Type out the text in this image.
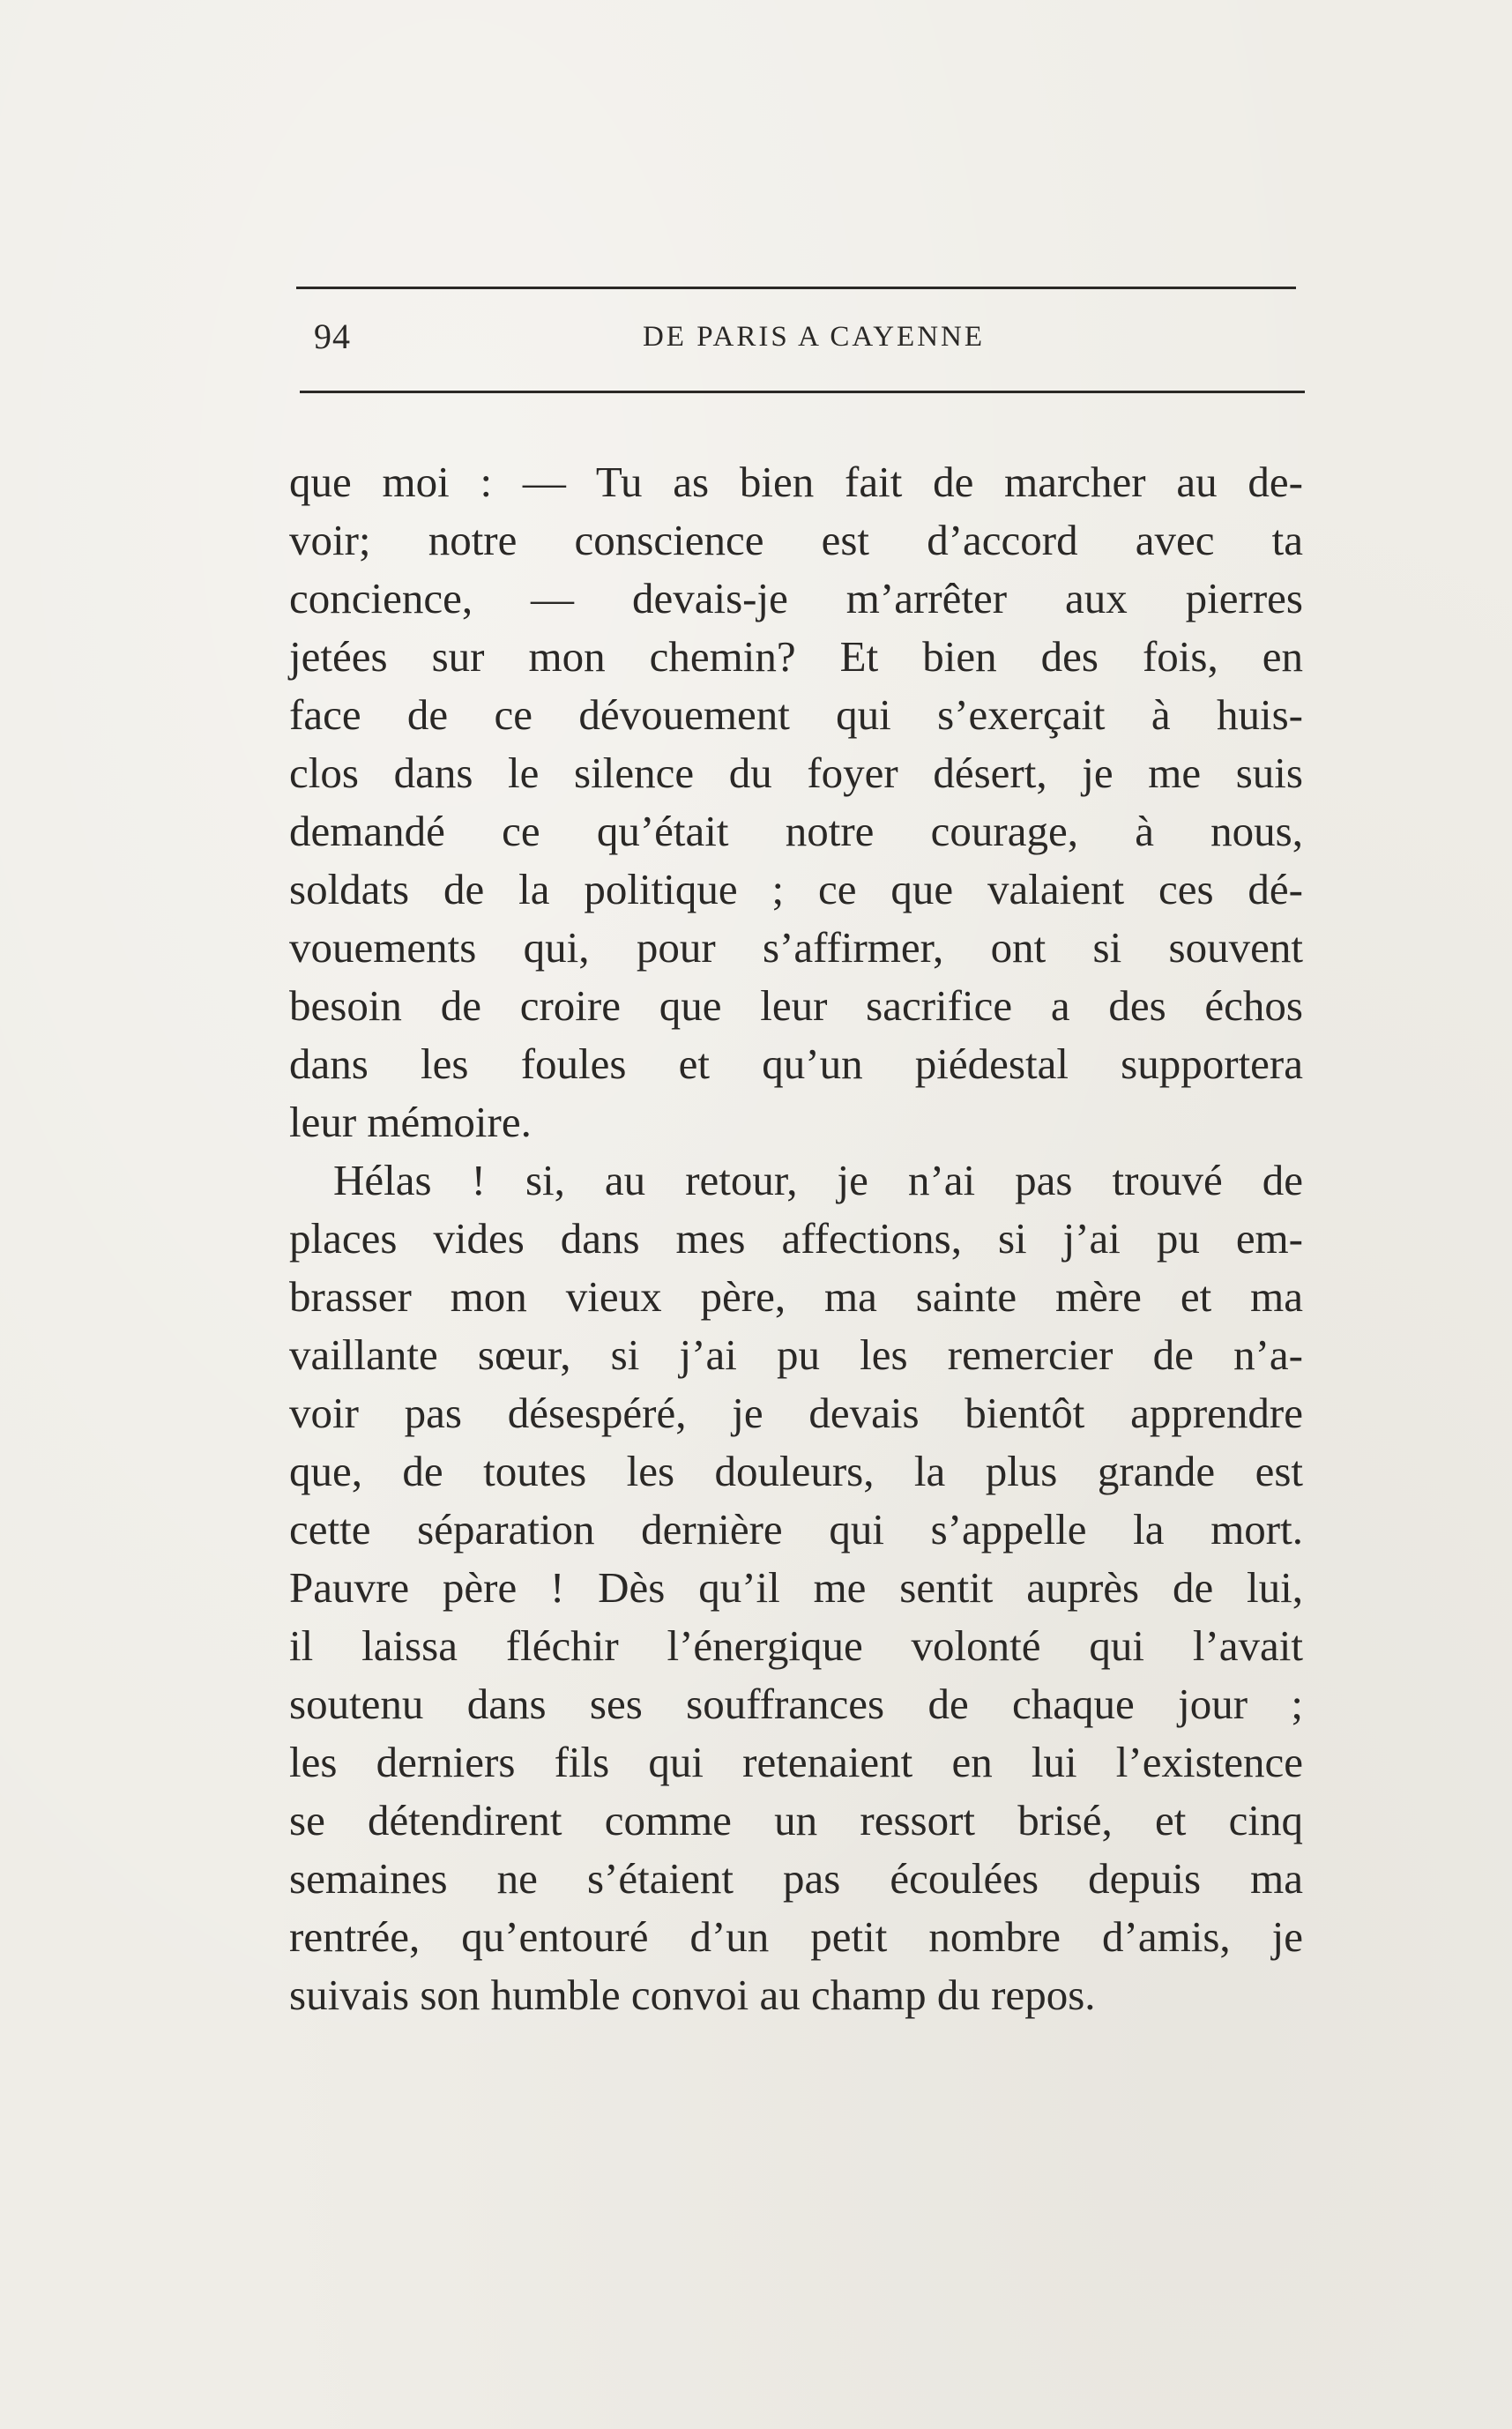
94	DE PARIS A CAYENNE
que moi : — Tu as bien fait de marcher au de-
voir; notre conscience est d’accord avec ta
concience, — devais-je m’arrêter aux pierres
jetées sur mon chemin? Et bien des fois, en
face de ce dévouement qui s’exerçait à huis-
clos dans le silence du foyer désert, je me suis
demandé ce qu’était notre courage, à nous,
soldats de la politique ; ce que valaient ces dé-
vouements qui, pour s’affirmer, ont si souvent
besoin de croire que leur sacrifice a des échos
dans les foules et qu’un piédestal supportera
leur mémoire.
Hélas ! si, au retour, je n’ai pas trouvé de
places vides dans mes affections, si j’ai pu em-
brasser mon vieux père, ma sainte mère et ma
vaillante sœur, si j’ai pu les remercier de n’a-
voir pas désespéré, je devais bientôt apprendre
que, de toutes les douleurs, la plus grande est
cette séparation dernière qui s’appelle la mort.
Pauvre père ! Dès qu’il me sentit auprès de lui,
il laissa fléchir l’énergique volonté qui l’avait
soutenu dans ses souffrances de chaque jour ;
les derniers fils qui retenaient en lui l’existence
se détendirent comme un ressort brisé, et cinq
semaines ne s’étaient pas écoulées depuis ma
rentrée, qu’entouré d’un petit nombre d’amis, je
suivais son humble convoi au champ du repos.
